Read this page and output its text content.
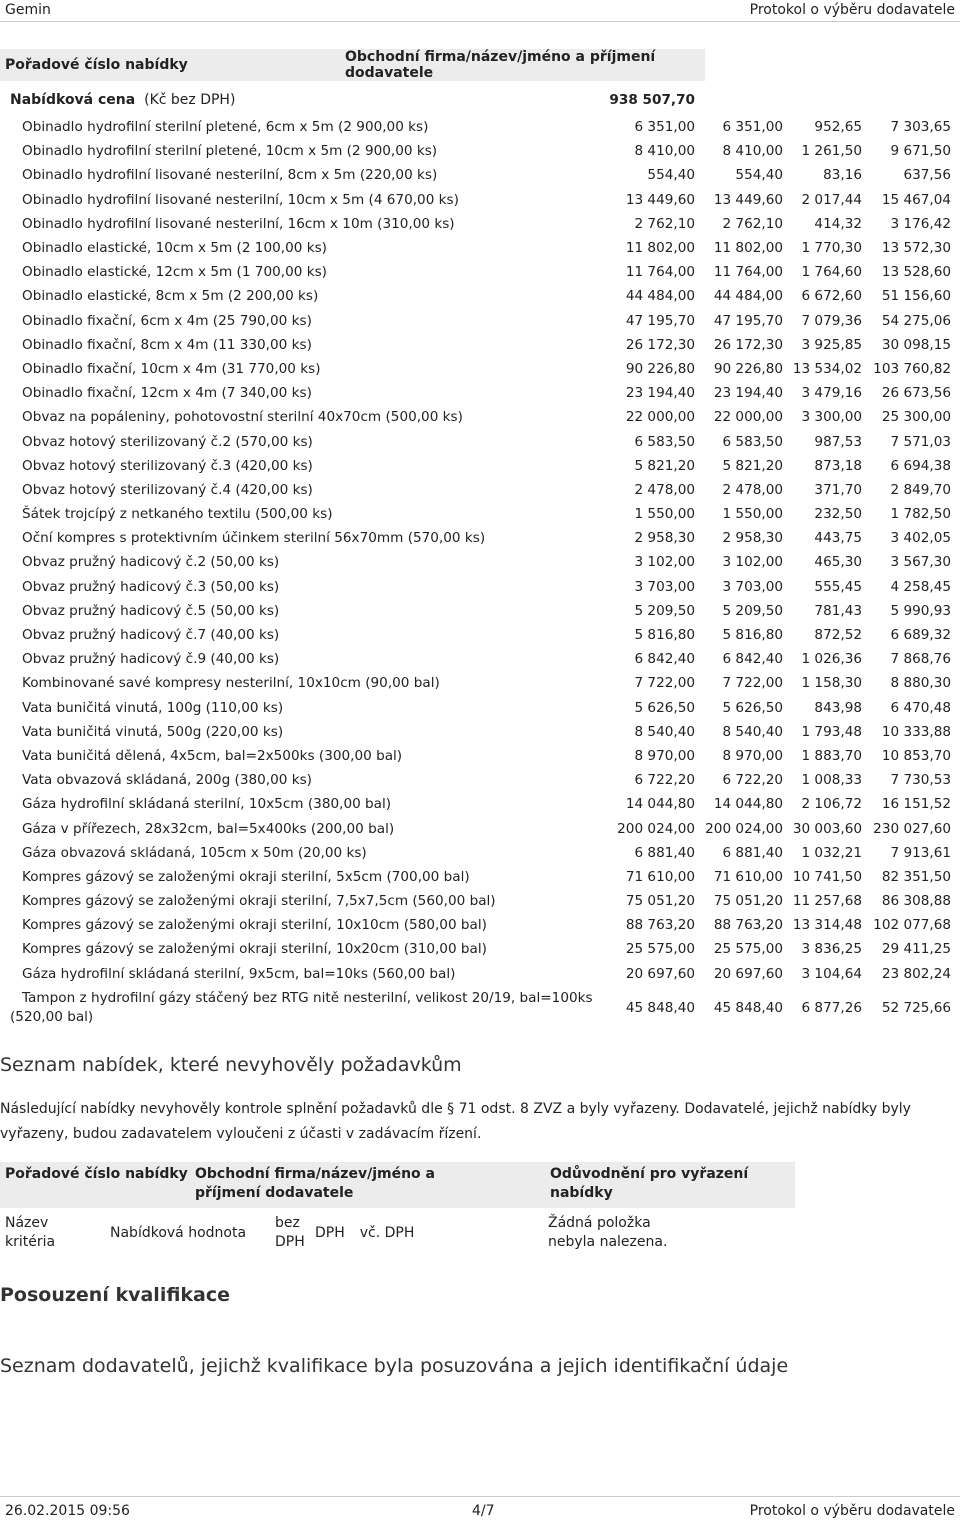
Gemin	Protokol o výběru dodavatele
Pořadové číslo nabídky	Obchodní firma/název/jméno a příjmení dodavatele
Nabídková cena (Kč bez DPH)	938 507,70			
Obinadlo hydrofilní sterilní pletené, 6cm x 5m (2 900,00 ks)	6 351,00	6 351,00	952,65	7 303,65
Obinadlo hydrofilní sterilní pletené, 10cm x 5m (2 900,00 ks)	8 410,00	8 410,00	1 261,50	9 671,50
Obinadlo hydrofilní lisované nesterilní, 8cm x 5m (220,00 ks)	554,40	554,40	83,16	637,56
Obinadlo hydrofilní lisované nesterilní, 10cm x 5m (4 670,00 ks)	13 449,60	13 449,60	2 017,44	15 467,04
Obinadlo hydrofilní lisované nesterilní, 16cm x 10m (310,00 ks)	2 762,10	2 762,10	414,32	3 176,42
Obinadlo elastické, 10cm x 5m (2 100,00 ks)	11 802,00	11 802,00	1 770,30	13 572,30
Obinadlo elastické, 12cm x 5m (1 700,00 ks)	11 764,00	11 764,00	1 764,60	13 528,60
Obinadlo elastické, 8cm x 5m (2 200,00 ks)	44 484,00	44 484,00	6 672,60	51 156,60
Obinadlo fixační, 6cm x 4m (25 790,00 ks)	47 195,70	47 195,70	7 079,36	54 275,06
Obinadlo fixační, 8cm x 4m (11 330,00 ks)	26 172,30	26 172,30	3 925,85	30 098,15
Obinadlo fixační, 10cm x 4m (31 770,00 ks)	90 226,80	90 226,80	13 534,02	103 760,82
Obinadlo fixační, 12cm x 4m (7 340,00 ks)	23 194,40	23 194,40	3 479,16	26 673,56
Obvaz na popáleniny, pohotovostní sterilní 40x70cm (500,00 ks)	22 000,00	22 000,00	3 300,00	25 300,00
Obvaz hotový sterilizovaný č.2 (570,00 ks)	6 583,50	6 583,50	987,53	7 571,03
Obvaz hotový sterilizovaný č.3 (420,00 ks)	5 821,20	5 821,20	873,18	6 694,38
Obvaz hotový sterilizovaný č.4 (420,00 ks)	2 478,00	2 478,00	371,70	2 849,70
Šátek trojcípý z netkaného textilu (500,00 ks)	1 550,00	1 550,00	232,50	1 782,50
Oční kompres s protektivním účinkem sterilní 56x70mm (570,00 ks)	2 958,30	2 958,30	443,75	3 402,05
Obvaz pružný hadicový č.2 (50,00 ks)	3 102,00	3 102,00	465,30	3 567,30
Obvaz pružný hadicový č.3 (50,00 ks)	3 703,00	3 703,00	555,45	4 258,45
Obvaz pružný hadicový č.5 (50,00 ks)	5 209,50	5 209,50	781,43	5 990,93
Obvaz pružný hadicový č.7 (40,00 ks)	5 816,80	5 816,80	872,52	6 689,32
Obvaz pružný hadicový č.9 (40,00 ks)	6 842,40	6 842,40	1 026,36	7 868,76
Kombinované savé kompresy nesterilní, 10x10cm (90,00 bal)	7 722,00	7 722,00	1 158,30	8 880,30
Vata buničitá vinutá, 100g (110,00 ks)	5 626,50	5 626,50	843,98	6 470,48
Vata buničitá vinutá, 500g (220,00 ks)	8 540,40	8 540,40	1 793,48	10 333,88
Vata buničitá dělená, 4x5cm, bal=2x500ks (300,00 bal)	8 970,00	8 970,00	1 883,70	10 853,70
Vata obvazová skládaná, 200g (380,00 ks)	6 722,20	6 722,20	1 008,33	7 730,53
Gáza hydrofilní skládaná sterilní, 10x5cm (380,00 bal)	14 044,80	14 044,80	2 106,72	16 151,52
Gáza v přířezech, 28x32cm, bal=5x400ks (200,00 bal)	200 024,00	200 024,00	30 003,60	230 027,60
Gáza obvazová skládaná, 105cm x 50m (20,00 ks)	6 881,40	6 881,40	1 032,21	7 913,61
Kompres gázový se založenými okraji sterilní, 5x5cm (700,00 bal)	71 610,00	71 610,00	10 741,50	82 351,50
Kompres gázový se založenými okraji sterilní, 7,5x7,5cm (560,00 bal)	75 051,20	75 051,20	11 257,68	86 308,88
Kompres gázový se založenými okraji sterilní, 10x10cm (580,00 bal)	88 763,20	88 763,20	13 314,48	102 077,68
Kompres gázový se založenými okraji sterilní, 10x20cm (310,00 bal)	25 575,00	25 575,00	3 836,25	29 411,25
Gáza hydrofilní skládaná sterilní, 9x5cm, bal=10ks (560,00 bal)	20 697,60	20 697,60	3 104,64	23 802,24
Tampon z hydrofilní gázy stáčený bez RTG nitě nesterilní, velikost 20/19, bal=100ks (520,00 bal)	45 848,40	45 848,40	6 877,26	52 725,66
Seznam nabídek, které nevyhověly požadavkům
Následující nabídky nevyhověly kontrole splnění požadavků dle § 71 odst. 8 ZVZ a byly vyřazeny. Dodavatelé, jejichž nabídky byly vyřazeny, budou zadavatelem vyloučeni z účasti v zadávacím řízení.
Pořadové číslo nabídky		Obchodní firma/název/jméno a příjmení dodavatele			Odůvodnění pro vyřazení nabídky
Název kritéria	Nabídková hodnota		bez DPH	DPH vč. DPH		Žádná položka nebyla nalezena.
Posouzení kvalifikace
Seznam dodavatelů, jejichž kvalifikace byla posuzována a jejich identifikační údaje
26.02.2015 09:56	4/7	Protokol o výběru dodavatele
